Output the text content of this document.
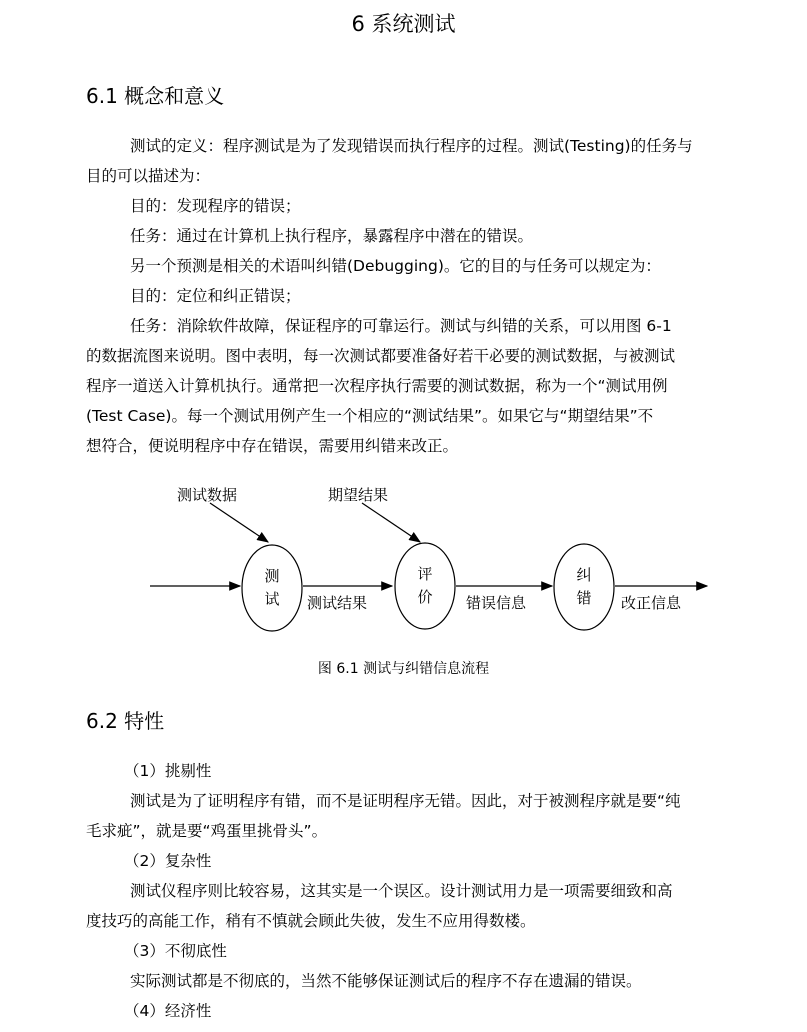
6 系统测试
6.1 概念和意义
测试的定义：程序测试是为了发现错误而执行程序的过程。测试(Testing)的任务与
目的可以描述为：
目的：发现程序的错误；
任务：通过在计算机上执行程序，暴露程序中潜在的错误。
另一个预测是相关的术语叫纠错(Debugging)。它的目的与任务可以规定为：
目的：定位和纠正错误；
任务：消除软件故障，保证程序的可靠运行。测试与纠错的关系，可以用图 6-1
的数据流图来说明。图中表明，每一次测试都要准备好若干必要的测试数据，与被测试
程序一道送入计算机执行。通常把一次程序执行需要的测试数据，称为一个“测试用例
(Test Case)。每一个测试用例产生一个相应的“测试结果”。如果它与“期望结果”不
想符合，便说明程序中存在错误，需要用纠错来改正。
测试数据	期望结果
测
试
评
价
纠
错
测试结果	错误信息	改正信息
图 6.1 测试与纠错信息流程
6.2 特性
（1）挑剔性
测试是为了证明程序有错，而不是证明程序无错。因此，对于被测程序就是要“纯
毛求疵”，就是要“鸡蛋里挑骨头”。
（2）复杂性
测试仪程序则比较容易，这其实是一个误区。设计测试用力是一项需要细致和高
度技巧的高能工作，稍有不慎就会顾此失彼，发生不应用得数楼。
（3）不彻底性
实际测试都是不彻底的，当然不能够保证测试后的程序不存在遗漏的错误。
（4）经济性
